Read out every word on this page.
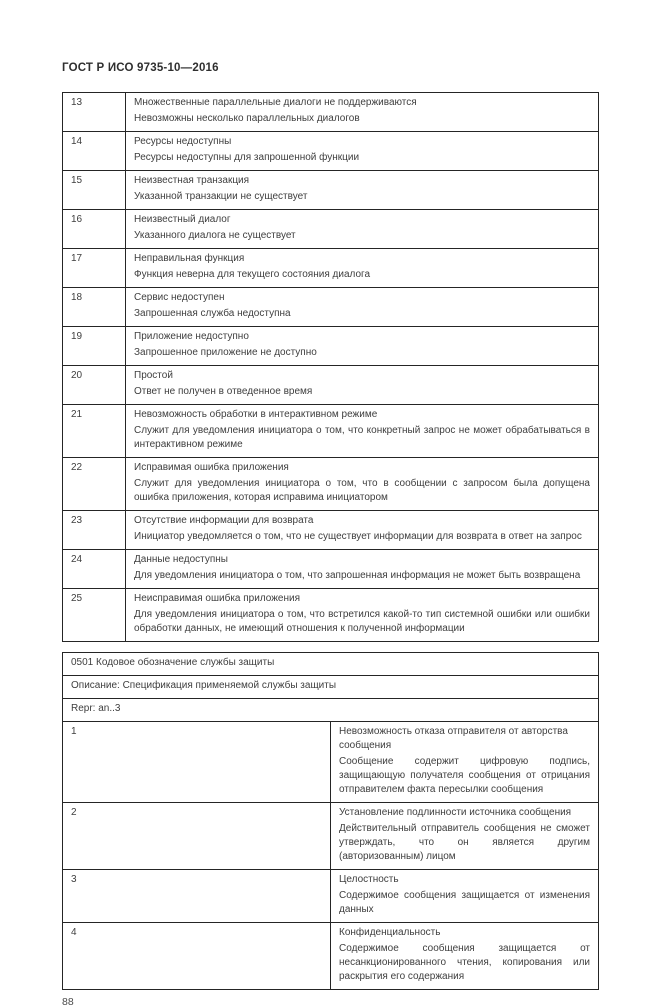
ГОСТ Р ИСО 9735-10—2016
13	Множественные параллельные диалоги не поддерживаются
Невозможны несколько параллельных диалогов

14	Ресурсы недоступны
Ресурсы недоступны для запрошенной функции

15	Неизвестная транзакция
Указанной транзакции не существует

16	Неизвестный диалог
Указанного диалога не существует

17	Неправильная функция
Функция неверна для текущего состояния диалога

18	Сервис недоступен
Запрошенная служба недоступна

19	Приложение недоступно
Запрошенное приложение не доступно

20	Простой
Ответ не получен в отведенное время

21	Невозможность обработки в интерактивном режиме
Служит для уведомления инициатора о том, что конкретный запрос не может обрабатываться в интерактивном режиме

22	Исправимая ошибка приложения
Служит для уведомления инициатора о том, что в сообщении с запросом была допущена ошибка приложения, которая исправима инициатором

23	Отсутствие информации для возврата
Инициатор уведомляется о том, что не существует информации для возврата в ответ на запрос

24	Данные недоступны
Для уведомления инициатора о том, что запрошенная информация не может быть возвращена

25	Неисправимая ошибка приложения
Для уведомления инициатора о том, что встретился какой-то тип системной ошибки или ошибки обработки данных, не имеющий отношения к полученной информации
0501 Кодовое обозначение службы защиты	
Описание: Спецификация применяемой службы защиты	
Repr: an..3	
1	Невозможность отказа отправителя от авторства сообщения
Сообщение содержит цифровую подпись, защищающую получателя сообщения от отрицания отправителем факта пересылки сообщения

2	Установление подлинности источника сообщения
Действительный отправитель сообщения не сможет утверждать, что он является другим (авторизованным) лицом

3	Целостность
Содержимое сообщения защищается от изменения данных

4	Конфиденциальность
Содержимое сообщения защищается от несанкционированного чтения, копирования или раскрытия его содержания
88
